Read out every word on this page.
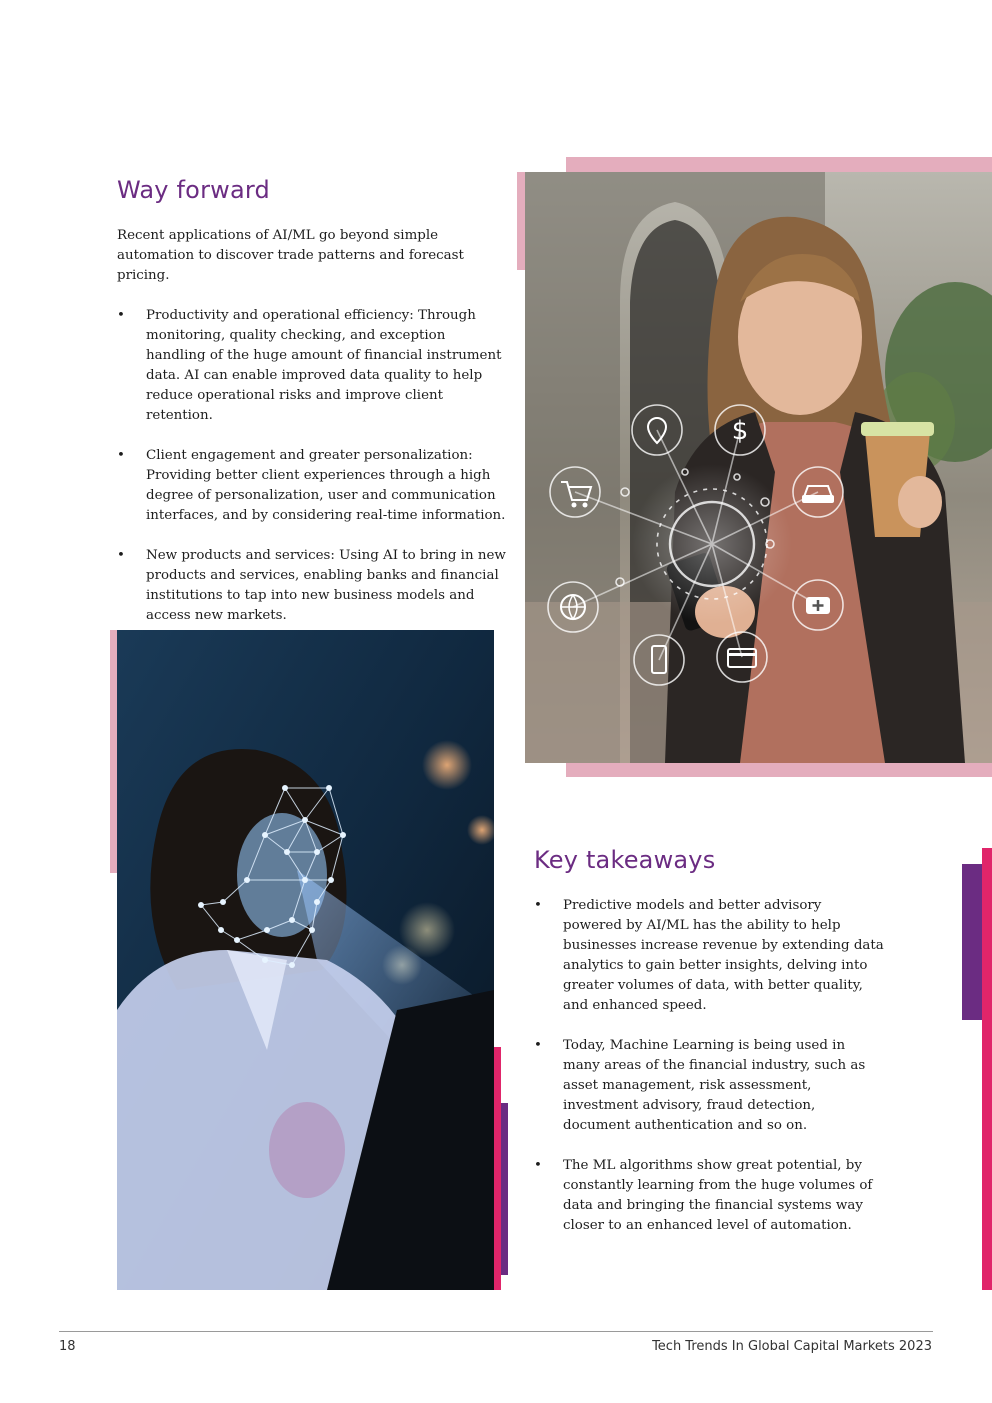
Way forward

Recent applications of AI/ML go beyond simple automation to discover trade patterns and forecast pricing.

• Productivity and operational efficiency: Through monitoring, quality checking, and exception handling of the huge amount of financial instrument data. AI can enable improved data quality to help reduce operational risks and improve client retention.
• Client engagement and greater personalization: Providing better client experiences through a high degree of personalization, user and communication interfaces, and by considering real-time information.
• New products and services: Using AI to bring in new products and services, enabling banks and financial institutions to tap into new business models and access new markets.
$
Key takeaways
• Predictive models and better advisory powered by AI/ML has the ability to help businesses increase revenue by extending data analytics to gain better insights, delving into greater volumes of data, with better quality, and enhanced speed.
• Today, Machine Learning is being used in many areas of the financial industry, such as asset management, risk assessment, investment advisory, fraud detection, document authentication and so on.
• The ML algorithms show great potential, by constantly learning from the huge volumes of data and bringing the financial systems way closer to an enhanced level of automation.
18	Tech Trends In Global Capital Markets 2023
